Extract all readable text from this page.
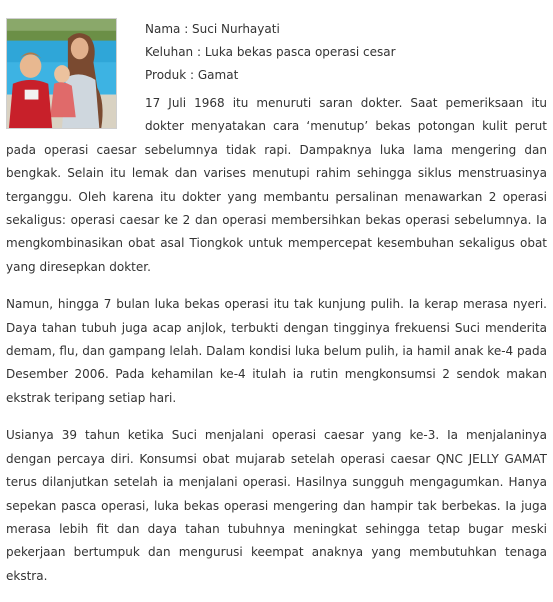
Nama : Suci Nurhayati

Keluhan : Luka bekas pasca operasi cesar

Produk : Gamat

17 Juli 1968 itu menuruti saran dokter. Saat pemeriksaan itu dokter menyatakan cara ‘menutup’ bekas potongan kulit perut pada operasi caesar sebelumnya tidak rapi. Dampaknya luka lama mengering dan bengkak. Selain itu lemak dan varises menutupi rahim sehingga siklus menstruasinya terganggu. Oleh karena itu dokter yang membantu persalinan menawarkan 2 operasi sekaligus: operasi caesar ke 2 dan operasi membersihkan bekas operasi sebelumnya. Ia mengkombinasikan obat asal Tiongkok untuk mempercepat kesembuhan sekaligus obat yang diresepkan dokter.

Namun, hingga 7 bulan luka bekas operasi itu tak kunjung pulih. Ia kerap merasa nyeri. Daya tahan tubuh juga acap anjlok, terbukti dengan tingginya frekuensi Suci menderita demam, flu, dan gampang lelah. Dalam kondisi luka belum pulih, ia hamil anak ke-4 pada Desember 2006. Pada kehamilan ke-4 itulah ia rutin mengkonsumsi 2 sendok makan ekstrak teripang setiap hari.

Usianya 39 tahun ketika Suci menjalani operasi caesar yang ke-3. Ia menjalaninya dengan percaya diri. Konsumsi obat mujarab setelah operasi caesar QNC JELLY GAMAT terus dilanjutkan setelah ia menjalani operasi. Hasilnya sungguh mengagumkan. Hanya sepekan pasca operasi, luka bekas operasi mengering dan hampir tak berbekas. Ia juga merasa lebih fit dan daya tahan tubuhnya meningkat sehingga tetap bugar meski pekerjaan bertumpuk dan mengurusi keempat anaknya yang membutuhkan tenaga ekstra.
